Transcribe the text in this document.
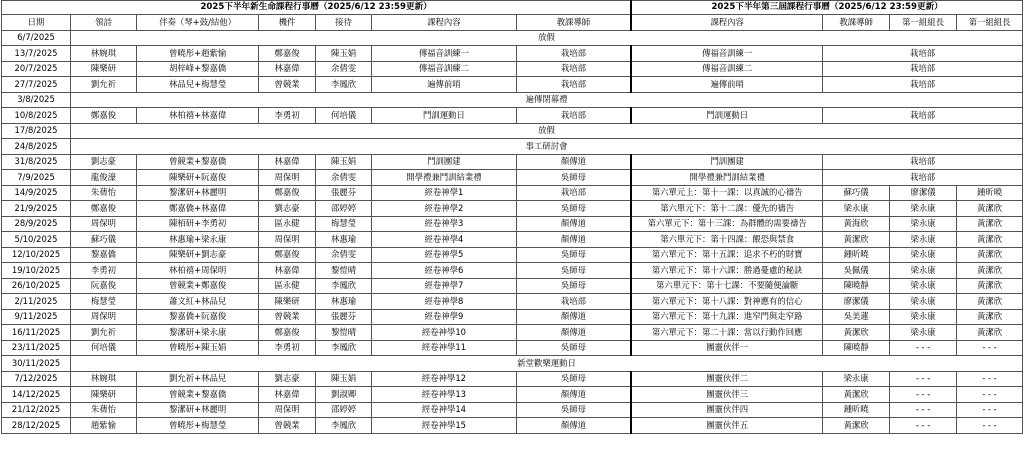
2025下半年新生命課程行事曆（2025/6/12 23:59更新）							2025下半年第三屆課程行事曆（2025/6/12 23:59更新）			
日期	領詩	伴奏（琴+鼓/結他）	機件	接待	課程內容	教課導師	課程內容	教課導師	第一組組長	第一組組長
6/7/2025	放假									
13/7/2025	林婉琪	曾曉彤+趙紫愉	鄭嘉俊	陳玉娟	傳福音訓練一	栽培部	傳福音訓練一	栽培部		
20/7/2025	陳樂研	胡梓峰+黎嘉僑	林嘉偉	余倩雯	傳福音訓練二	栽培部	傳福音訓練二	栽培部		
27/7/2025	劉允祈	林品兒+梅慧瑩	曾競業	李鳳欣	遍傳前哨	栽培部	遍傳前哨	栽培部		
3/8/2025	遍傳閉幕禮									
10/8/2025	鄭嘉俊	林柏禧+林嘉偉	李勇初	何培儀	鬥訓運動日	栽培部	鬥訓運動日	栽培部		
17/8/2025	放假									
24/8/2025	事工研討會									
31/8/2025	劉志豪	曾競業+黎嘉僑	林嘉偉	陳玉娟	鬥訓團建	顏傳道	鬥訓團建	栽培部		
7/9/2025	龍俊濠	陳樂研+阮嘉俊	周保明	余倩雯	開學禮兼鬥訓結業禮	吳師母	開學禮兼鬥訓結業禮	栽培部		
14/9/2025	朱蒨怡	黎潔研+林麗明	鄭嘉俊	張麗芬	經卷神學1	栽培部	第六單元上：第十一課：以真誠的心禱告	蘇巧儀	廖潔儀	鍾昕曉
21/9/2025	鄭嘉俊	鄭嘉僑+林嘉偉	劉志豪	邵婷婷	經卷神學2	吳師母	第六單元下：第十二課：優先的禱告	梁永康	梁永康	黃潔欣
28/9/2025	周保明	陳栢研+李勇初	區永健	梅慧瑩	經卷神學3	顏傳道	第六單元下：第十三課：為群體的需要禱告	黃海欣	梁永康	黃潔欣
5/10/2025	蘇巧儀	林惠瑜+梁永康	周保明	林惠瑜	經卷神學4	顏傳道	第六單元下：第十四課：餵恐與禁食	黃潔欣	梁永康	黃潔欣
12/10/2025	黎嘉僑	陳樂研+劉志豪	鄭嘉俊	余倩雯	經卷神學5	吳師母	第六單元下：第十五課：追求不朽的財寶	鍾昕曉	梁永康	黃潔欣
19/10/2025	李勇初	林柏禧+周保明	林嘉偉	黎愷晴	經卷神學6	吳師母	第六單元下：第十六課：勝過憂慮的秘訣	吳佩儀	梁永康	黃潔欣
26/10/2025	阮嘉俊	曾競業+鄭嘉俊	區永健	李鳳欣	經卷神學7	吳師母	第六單元下：第十七課：不要隨便論斷	陳曉靜	梁永康	黃潔欣
2/11/2025	梅慧瑩	蕭文紅+林品兒	陳樂研	林惠瑜	經卷神學8	栽培部	第六單元下：第十八課：對神應有的信心	廖潔儀	梁永康	黃潔欣
9/11/2025	周保明	黎嘉僑+阮嘉俊	曾競業	張麗芬	經卷神學9	顏傳道	第六單元下：第十九課：進窄門與走窄路	吳美蓮	梁永康	黃潔欣
16/11/2025	劉允祈	黎潔研+梁永康	鄭嘉俊	黎愷晴	經卷神學10	顏傳道	第六單元下：第二十課：當以行動作回應	黃潔欣	梁永康	黃潔欣
23/11/2025	何培儀	曾曉彤+陳玉娟	李勇初	李鳳欣	經卷神學11	吳師母	團靈伙伴一	陳曉靜	- - -	- - -
30/11/2025	新堂歡樂運動日									
7/12/2025	林婉琪	劉允祈+林品兒	劉志豪	陳玉娟	經卷神學12	吳師母	團靈伙伴二	梁永康	- - -	- - -
14/12/2025	陳樂研	曾競業+黎嘉僑	林嘉偉	劉淑卿	經卷神學13	顏傳道	團靈伙伴三	黃潔欣	- - -	- - -
21/12/2025	朱蒨怡	黎潔研+林麗明	周保明	邵婷婷	經卷神學14	吳師母	團靈伙伴四	鍾昕曉	- - -	- - -
28/12/2025	趙紫愉	曾曉彤+梅慧瑩	曾競業	李鳳欣	經卷神學15	顏傳道	團靈伙伴五	黃潔欣	- - -	- - -
